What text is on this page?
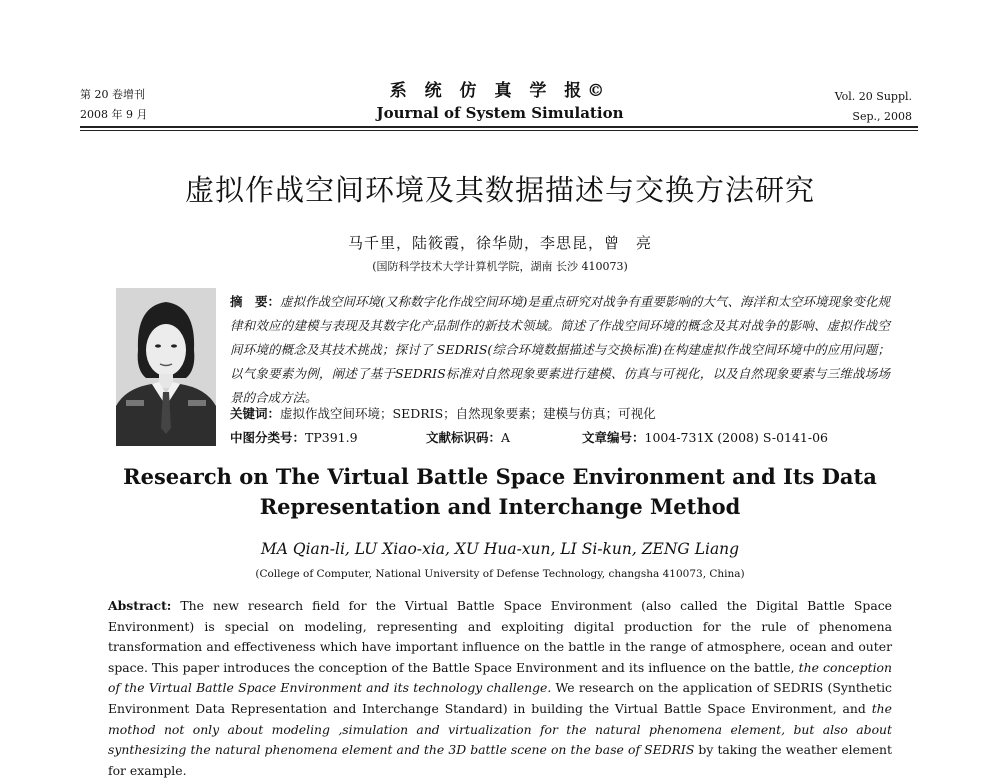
第 20 卷增刊
2008 年 9 月
系 统 仿 真 学 报©
Journal of System Simulation
Vol. 20 Suppl.
Sep., 2008
虚拟作战空间环境及其数据描述与交换方法研究
马千里，陆筱霞，徐华勋，李思昆，曾　亮
(国防科学技术大学计算机学院，湖南 长沙 410073)
摘　要：虚拟作战空间环境(又称数字化作战空间环境)是重点研究对战争有重要影响的大气、海洋和太空环境现象变化规律和效应的建模与表现及其数字化产品制作的新技术领域。简述了作战空间环境的概念及其对战争的影响、虚拟作战空间环境的概念及其技术挑战；探讨了 SEDRIS(综合环境数据描述与交换标准)在构建虚拟作战空间环境中的应用问题；以气象要素为例，阐述了基于SEDRIS标准对自然现象要素进行建模、仿真与可视化，以及自然现象要素与三维战场场景的合成方法。
关键词：虚拟作战空间环境；SEDRIS；自然现象要素；建模与仿真；可视化
中图分类号：TP391.9	文献标识码：A	文章编号：1004-731X (2008) S-0141-06
Research on The Virtual Battle Space Environment and Its Data
Representation and Interchange Method
MA Qian-li, LU Xiao-xia, XU Hua-xun, LI Si-kun, ZENG Liang
(College of Computer, National University of Defense Technology, changsha 410073, China)
Abstract: The new research field for the Virtual Battle Space Environment (also called the Digital Battle Space Environment) is special on modeling, representing and exploiting digital production for the rule of phenomena transformation and effectiveness which have important influence on the battle in the range of atmosphere, ocean and outer space. This paper introduces the conception of the Battle Space Environment and its influence on the battle, the conception of the Virtual Battle Space Environment and its technology challenge. We research on the application of SEDRIS (Synthetic Environment Data Representation and Interchange Standard) in building the Virtual Battle Space Environment, and the mothod not only about modeling ,simulation and virtualization for the natural phenomena element, but also about synthesizing the natural phenomena element and the 3D battle scene on the base of SEDRIS by taking the weather element for example.
